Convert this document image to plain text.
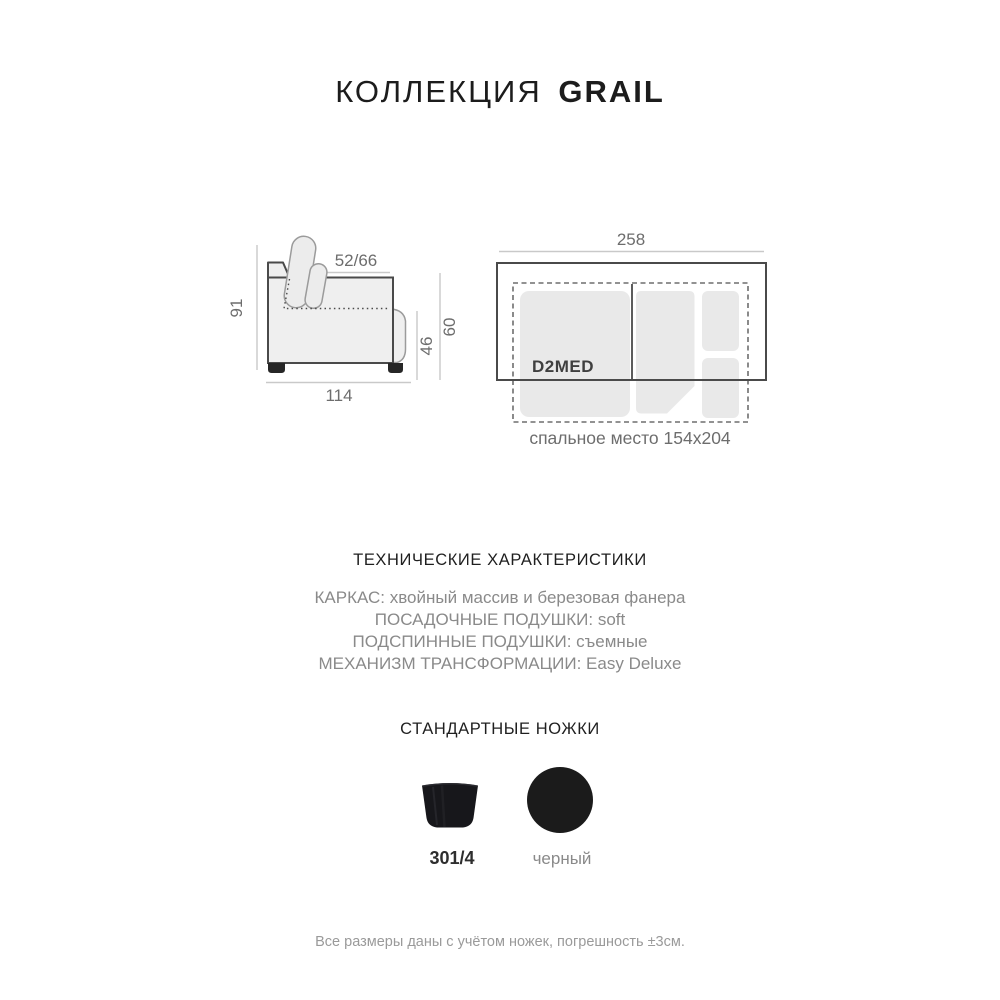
КОЛЛЕКЦИЯ GRAIL
91
52/66
114
46
60
258
D2MED
спальное место 154x204
ТЕХНИЧЕСКИЕ ХАРАКТЕРИСТИКИ
КАРКАС: хвойный массив и березовая фанера
ПОСАДОЧНЫЕ ПОДУШКИ: soft
ПОДСПИННЫЕ ПОДУШКИ: съемные
МЕХАНИЗМ ТРАНСФОРМАЦИИ: Easy Deluxe
СТАНДАРТНЫЕ НОЖКИ
301/4	черный
Все размеры даны с учётом ножек, погрешность ±3см.
